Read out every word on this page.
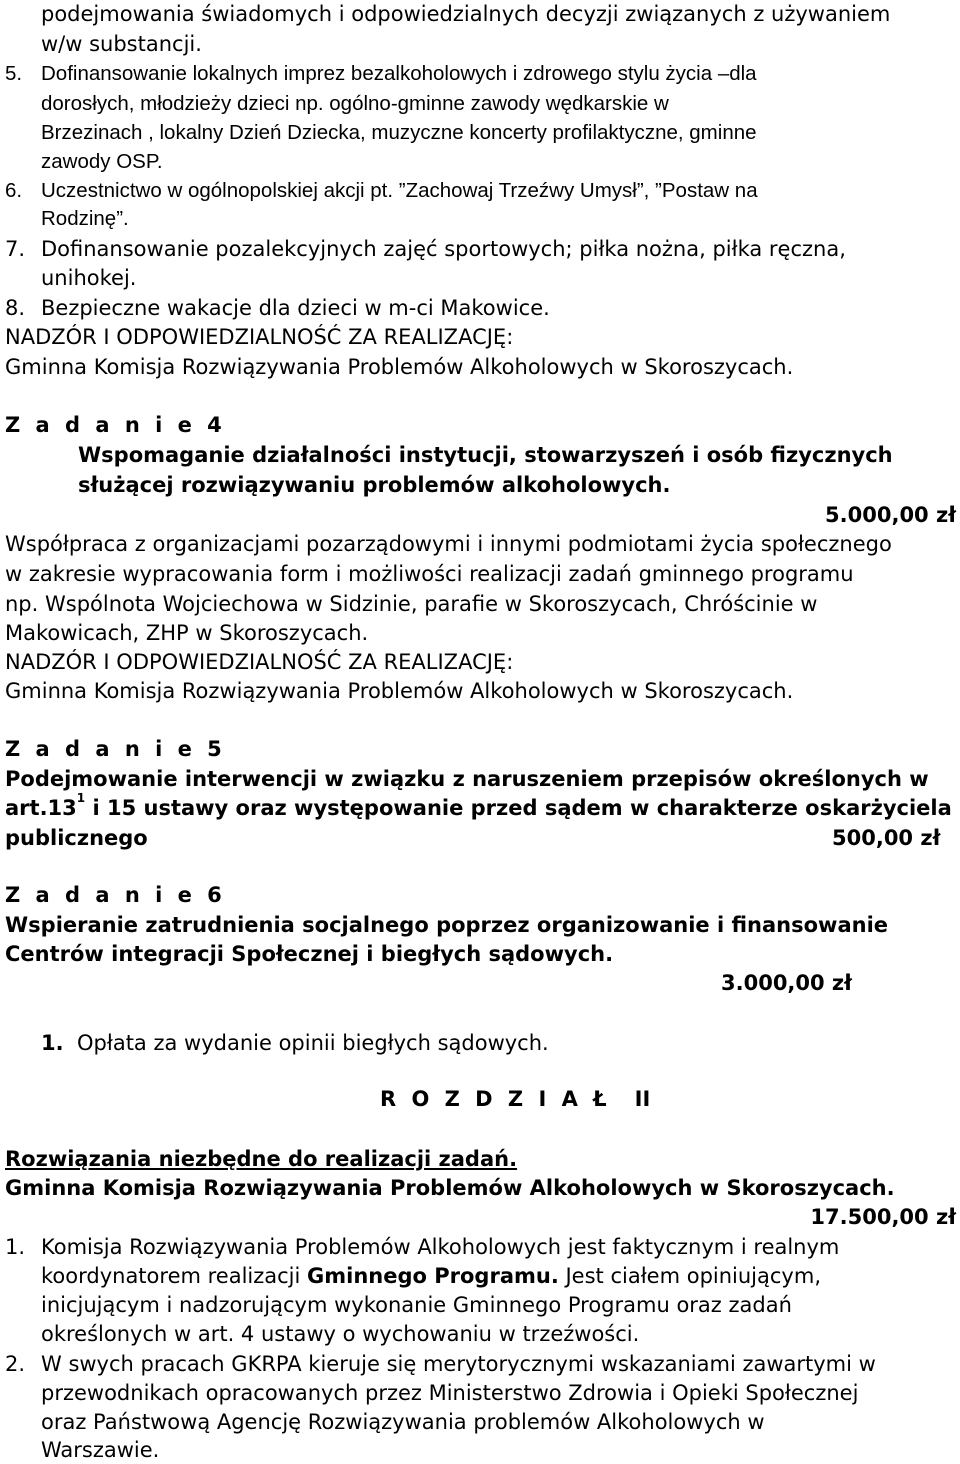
podejmowania świadomych i odpowiedzialnych decyzji związanych z używaniem
w/w substancji.
5. Dofinansowanie lokalnych imprez bezalkoholowych i zdrowego stylu życia –dla
dorosłych, młodzieży dzieci np. ogólno-gminne zawody wędkarskie w
Brzezinach , lokalny Dzień Dziecka, muzyczne koncerty profilaktyczne, gminne
zawody OSP.
6. Uczestnictwo w ogólnopolskiej akcji pt. ”Zachowaj Trzeźwy Umysł”, ”Postaw na
Rodzinę”.
7. Dofinansowanie pozalekcyjnych zajęć sportowych; piłka nożna, piłka ręczna,
unihokej.
8. Bezpieczne wakacje dla dzieci w m-ci Makowice.
NADZÓR I ODPOWIEDZIALNOŚĆ ZA REALIZACJĘ:
Gminna Komisja Rozwiązywania Problemów Alkoholowych w Skoroszycach.
Z a d a n i e 4
Wspomaganie działalności instytucji, stowarzyszeń i osób fizycznych
służącej rozwiązywaniu problemów alkoholowych.
5.000,00 zł
Współpraca z organizacjami pozarządowymi i innymi podmiotami życia społecznego
w zakresie wypracowania form i możliwości realizacji zadań gminnego programu
np. Wspólnota Wojciechowa w Sidzinie, parafie w Skoroszycach, Chróścinie w
Makowicach, ZHP w Skoroszycach.
NADZÓR I ODPOWIEDZIALNOŚĆ ZA REALIZACJĘ:
Gminna Komisja Rozwiązywania Problemów Alkoholowych w Skoroszycach.
Z a d a n i e 5
Podejmowanie interwencji w związku z naruszeniem przepisów określonych w
$art.13^1$ i 15 ustawy oraz występowanie przed sądem w charakterze oskarżyciela
publicznego	500,00 zł
Z a d a n i e 6
Wspieranie zatrudnienia socjalnego poprzez organizowanie i finansowanie
Centrów integracji Społecznej i biegłych sądowych.
3.000,00 zł
1. Opłata za wydanie opinii biegłych sądowych.
R O Z D Z I A Ł II
Rozwiązania niezbędne do realizacji zadań.
Gminna Komisja Rozwiązywania Problemów Alkoholowych w Skoroszycach.
17.500,00 zł
1. Komisja Rozwiązywania Problemów Alkoholowych jest faktycznym i realnym
koordynatorem realizacji Gminnego Programu. Jest ciałem opiniującym,
inicjującym i nadzorującym wykonanie Gminnego Programu oraz zadań
określonych w art. 4 ustawy o wychowaniu w trzeźwości.
2. W swych pracach GKRPA kieruje się merytorycznymi wskazaniami zawartymi w
przewodnikach opracowanych przez Ministerstwo Zdrowia i Opieki Społecznej
oraz Państwową Agencję Rozwiązywania problemów Alkoholowych w
Warszawie.
